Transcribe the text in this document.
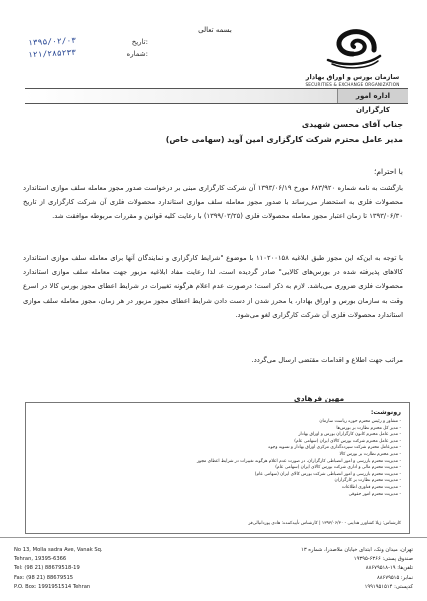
بسمه تعالی
۱۳۹۵/۰۲/۰۳	تاریخ:
۱۲۱/۲۸۵۲۳۳	شماره:
سازمان بورس و اوراق بهادار
SECURITIES & EXCHANGE ORGANIZATION
اداره امور کارگزاران
جناب آقای محسن شهیدی
مدیر عامل محترم شرکت کارگزاری امین آوید (سهامی خاص)
با احترام؛
بازگشت به نامه شماره ۶۸۳/۹۲۰ مورخ ۱۳۹۳/۰۶/۱۹ آن شرکت کارگزاری مبنی بر درخواست صدور مجوز معامله سلف موازی استاندارد محصولات فلزی به استحضار می‌رساند با صدور مجوز معامله سلف موازی استاندارد محصولات فلزی آن شرکت کارگزاری از تاریخ ۱۳۹۳/۰۶/۳۰ تا زمان اعتبار مجوز معامله محصولات فلزی (۱۳۹۹/۰۳/۲۵) با رعایت کلیه قوانین و مقررات مربوطه موافقت شد.
با توجه به این‌که این مجوز طبق ابلاغیه ۱۱۰۲۰۰۱۵۸ با موضوع "شرایط کارگزاری و نمایندگان آنها برای معامله سلف موازی استاندارد کالاهای پذیرفته شده در بورس‌های کالایی" صادر گردیده است، لذا رعایت مفاد ابلاغیه مزبور جهت معامله سلف موازی استاندارد محصولات فلزی ضروری می‌باشد. لازم به ذکر است؛ درصورت عدم اعلام هرگونه تغییرات در شرایط اعطای مجوز بورس کالا در اسرع وقت به سازمان بورس و اوراق بهادار، یا محرز شدن از دست دادن شرایط اعطای مجوز مزبور در هر زمان، مجوز معامله سلف موازی استاندارد محصولات فلزی آن شرکت کارگزاری لغو می‌شود.
مراتب جهت اطلاع و اقدامات مقتضی ارسال می‌گردد.
مهین فرهادی
رونوشت:
- مشاور و رئیس محترم حوزه ریاست سازمان
- مدیر کل محترم نظارت بر بورس‌ها
- مدیر عامل محترم کانون کارگزاران بورس و اوراق بهادار
- مدیر عامل محترم شرکت بورس کالای ایران (سهامی عام)
- مدیرعامل محترم شرکت سپرده‌گذاری مرکزی اوراق بهادار و تسویه وجوه
- مدیر محترم نظارت بر بورس کالا
- مدیریت محترم بازرسی و امور انضباطی کارگزاران، در صورت عدم اعلام هرگونه تغییرات در شرایط اعطای مجوز
- مدیریت محترم مالی و اداری شرکت بورس کالای ایران (سهامی عام)
- مدیریت محترم بازرسی و امور انضباطی شرکت بورس کالای ایران (سهامی عام)
- مدیریت محترم نظارت بر کارگزاران
- مدیریت محترم فناوری اطلاعات
- مدیریت محترم امور حقوقی
کارشناس: ژیلا کشاورز هدایتی - ۱۳۹۳/۰۶/۳۰ | کارشناس تأییدکننده: هادی پوردانیالی‌فر
No 13, Molla sadra Ave, Vanak Sq.
Tehran, 19395-6366
Tel: (98 21) 88679518-19
Fax: (98 21) 88679515
P.O. Box: 1991951514 Tehran
تهران، میدان ونک، ابتدای خیابان ملاصدرا، شماره ۱۳
صندوق پستی: ۶۳۶۶-۱۹۳۹۵
تلفن‌ها: ۱۹-۸۸۶۷۹۵۱۸
نمابر: ۸۸۶۷۹۵۱۵
کدپستی: ۱۹۹۱۹۵۱۵۱۴
